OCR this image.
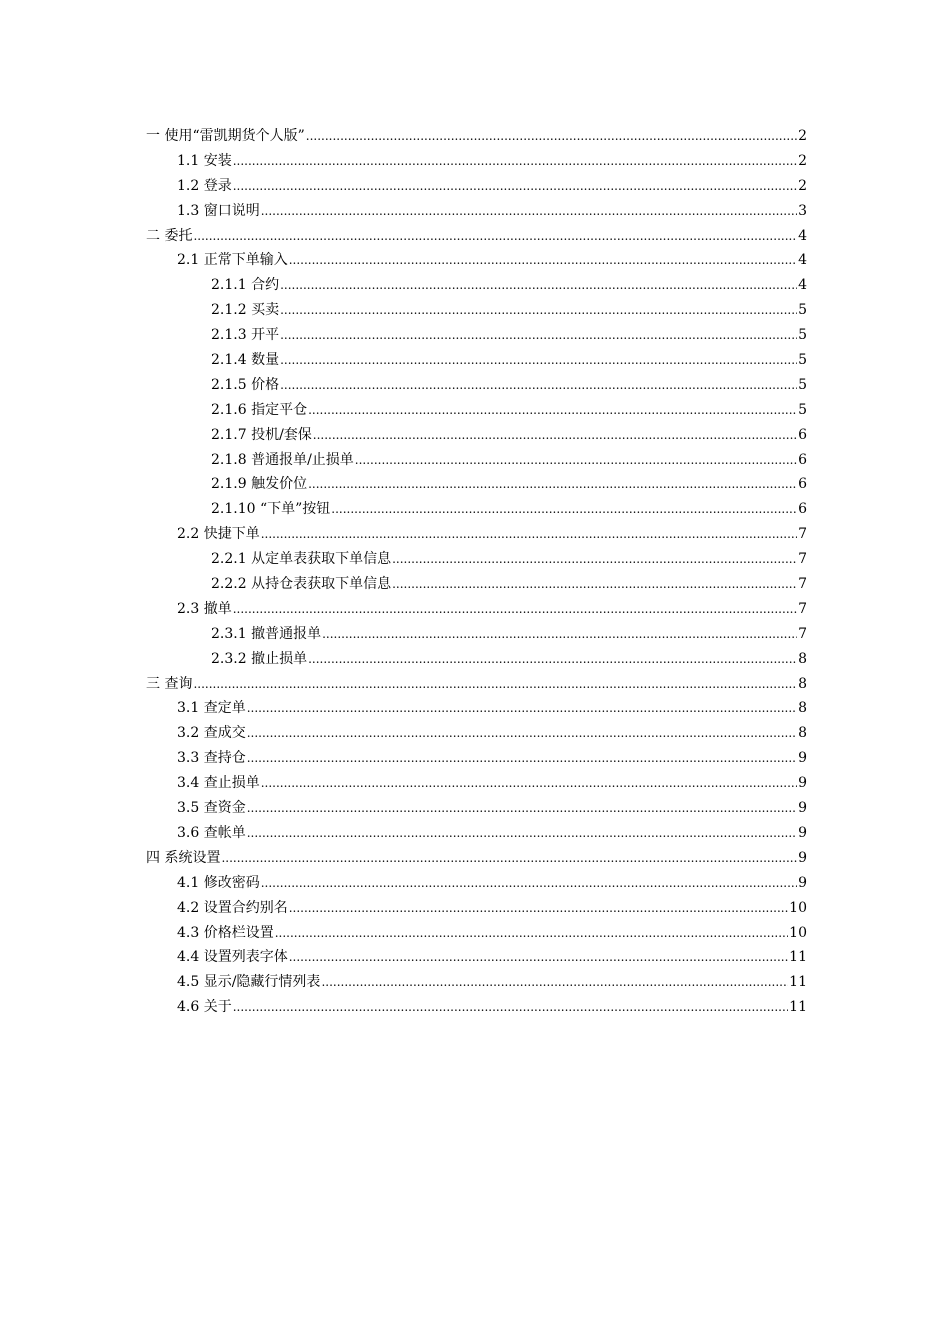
一 使用“雷凯期货个人版” .....	2
1.1 安装 .....	2
1.2 登录 .....	2
1.3 窗口说明 .....	3
二 委托 .....	4
2.1 正常下单输入 .....	4
2.1.1 合约 .....	4
2.1.2 买卖 .....	5
2.1.3 开平 .....	5
2.1.4 数量 .....	5
2.1.5 价格 .....	5
2.1.6 指定平仓 .....	5
2.1.7 投机/套保 .....	6
2.1.8 普通报单/止损单 .....	6
2.1.9 触发价位 .....	6
2.1.10 “下单”按钮 .....	6
2.2 快捷下单 .....	7
2.2.1 从定单表获取下单信息 .....	7
2.2.2 从持仓表获取下单信息 .....	7
2.3 撤单 .....	7
2.3.1 撤普通报单 .....	7
2.3.2 撤止损单 .....	8
三 查询 .....	8
3.1 查定单 .....	8
3.2 查成交 .....	8
3.3 查持仓 .....	9
3.4 查止损单 .....	9
3.5 查资金 .....	9
3.6 查帐单 .....	9
四 系统设置 .....	9
4.1 修改密码 .....	9
4.2 设置合约别名 .....	10
4.3 价格栏设置 .....	10
4.4 设置列表字体 .....	11
4.5 显示/隐藏行情列表 .....	11
4.6 关于 .....	11
